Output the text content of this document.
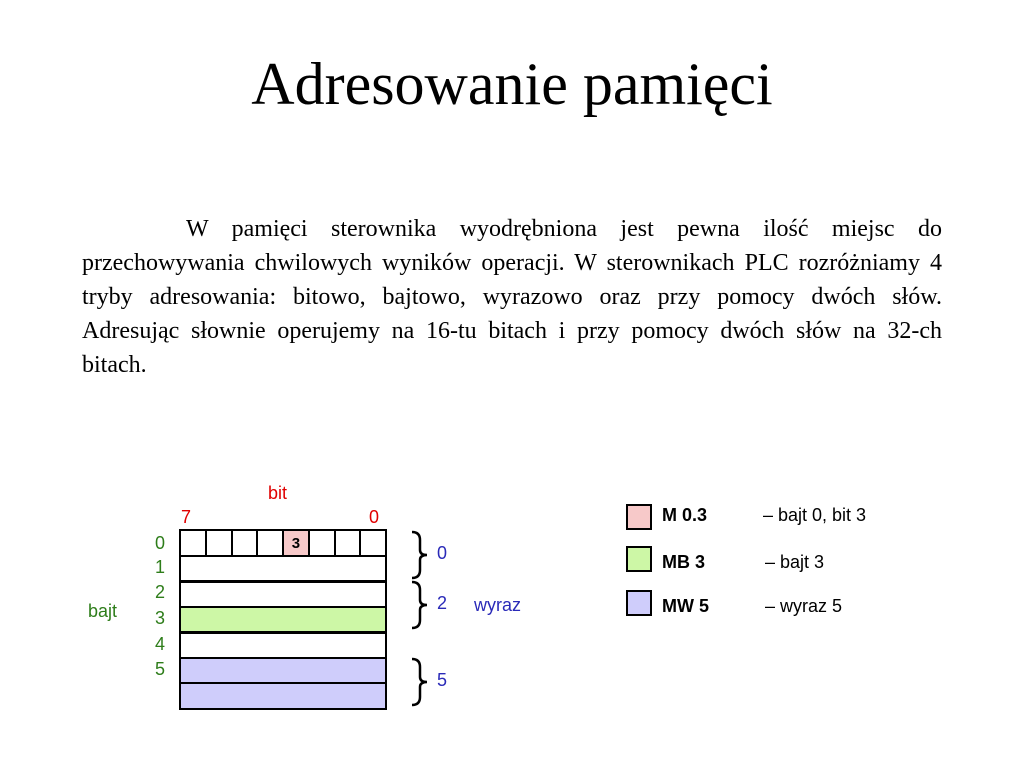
Adresowanie pamięci

W pamięci sterownika wyodrębniona jest pewna ilość miejsc do przechowywania chwilowych wyników operacji. W sterownikach PLC rozróżniamy 4 tryby adresowania: bitowo, bajtowo, wyrazowo oraz przy pomocy dwóch słów. Adresując słownie operujemy na 16-tu bitach i przy pomocy dwóch słów na 32-ch bitach.

bit
7	0
bajt
0
1
2
3
4
5
3	0
2
5
wyraz
M 0.3	– bajt 0, bit 3
MB 3	– bajt 3
MW 5	– wyraz 5
